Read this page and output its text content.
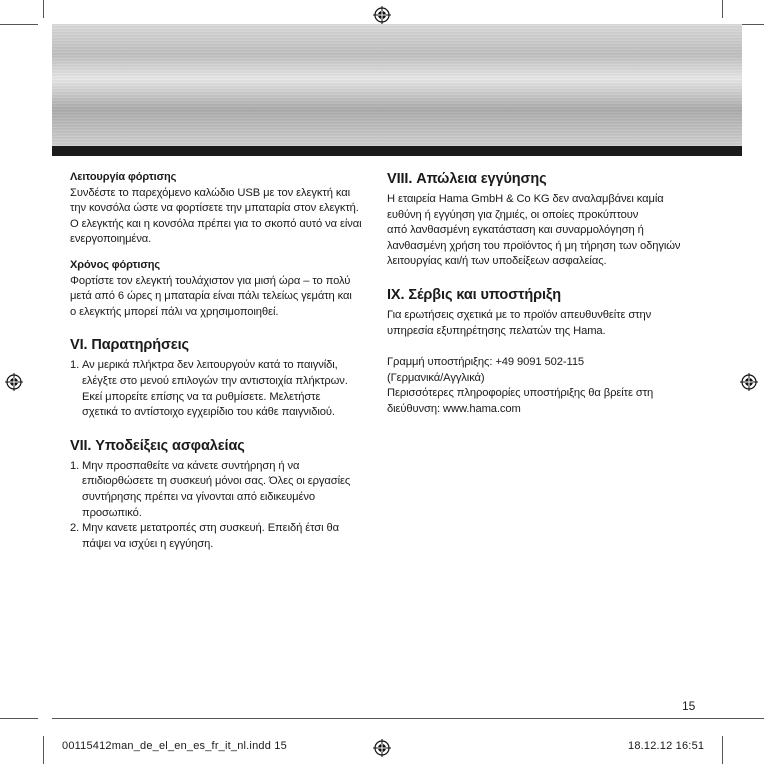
Λειτουργία φόρτισης

Συνδέστε το παρεχόμενο καλώδιο USB με τον ελεγκτή και

την κονσόλα ώστε να φορτίσετε την μπαταρία στον ελεγκτή.

Ο ελεγκτής και η κονσόλα πρέπει για το σκοπό αυτό να είναι

ενεργοποιημένα.

Χρόνος φόρτισης

Φορτίστε τον ελεγκτή τουλάχιστον για μισή ώρα – το πολύ

μετά από 6 ώρες η μπαταρία είναι πάλι τελείως γεμάτη και

ο ελεγκτής μπορεί πάλι να χρησιμοποιηθεί.

VI. Παρατηρήσεις
1. Αν μερικά πλήκτρα δεν λειτουργούν κατά το παιγνίδι,

ελέγξτε στο μενού επιλογών την αντιστοιχία πλήκτρων.

Εκεί μπορείτε επίσης να τα ρυθμίσετε. Μελετήστε

σχετικά το αντίστοιχο εγχειρίδιο του κάθε παιγνιδιού.

VII. Υποδείξεις ασφαλείας
1. Μην προσπαθείτε να κάνετε συντήρηση ή να

επιδιορθώσετε τη συσκευή μόνοι σας. Όλες οι εργασίες

συντήρησης πρέπει να γίνονται από ειδικευμένο

προσωπικό.

2. Μην κανετε μετατροπές στη συσκευή. Επειδή έτσι θα

πάψει να ισχύει η εγγύηση.

VIII. Απώλεια εγγύησης

Η εταιρεία Hama GmbH & Co KG δεν αναλαμβάνει καμία

ευθύνη ή εγγύηση για ζημιές, οι οποίες προκύπτουν

από λανθασμένη εγκατάσταση και συναρμολόγηση ή

λανθασμένη χρήση του προϊόντος ή μη τήρηση των οδηγιών

λειτουργίας και/ή των υποδείξεων ασφαλείας.

IX. Σέρβις και υποστήριξη

Για ερωτήσεις σχετικά με το προϊόν απευθυνθείτε στην

υπηρεσία εξυπηρέτησης πελατών της Hama.

Γραμμή υποστήριξης: +49 9091 502-115

(Γερμανικά/Αγγλικά)

Περισσότερες πληροφορίες υποστήριξης θα βρείτε στη

διεύθυνση: www.hama.com

15
00115412man_de_el_en_es_fr_it_nl.indd 15	18.12.12 16:51
